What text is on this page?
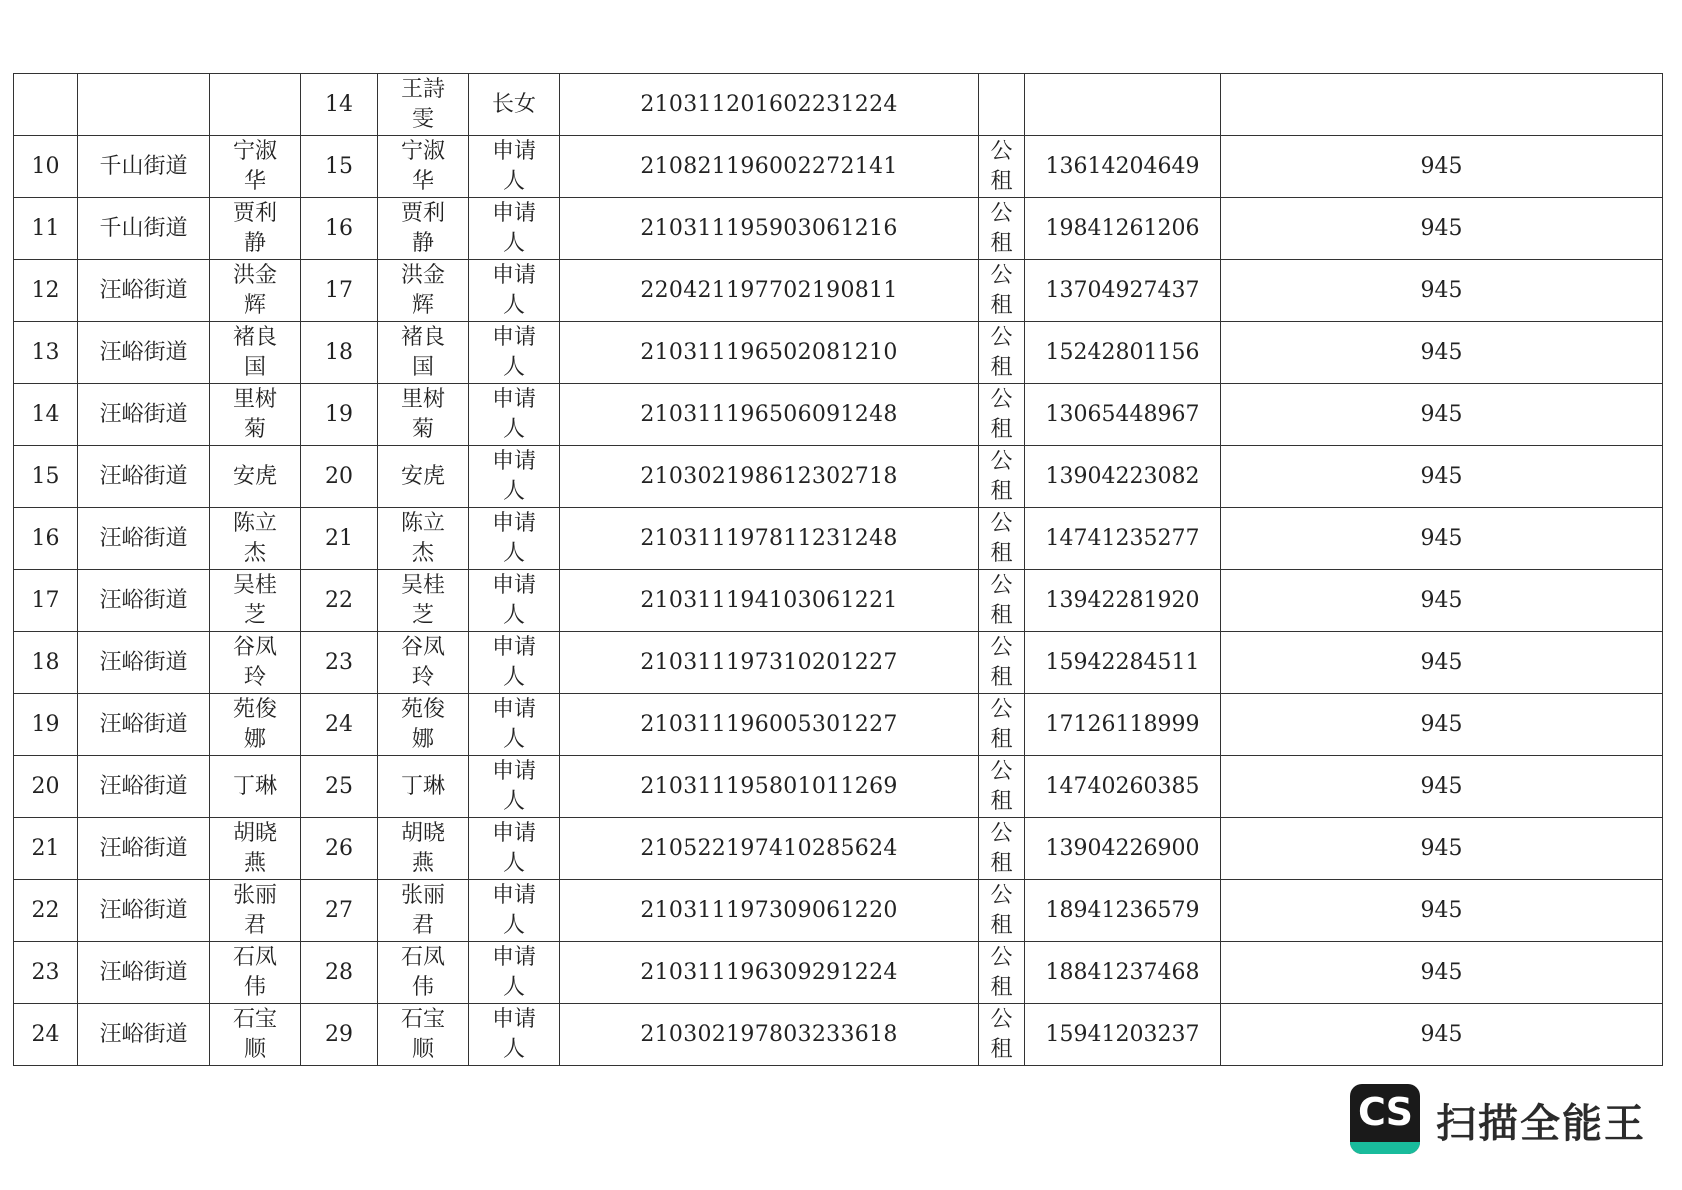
			14	王詩雯	长女	210311201602231224			
10	千山街道	宁淑华	15	宁淑华	申请人	210821196002272141	公租	13614204649	945
11	千山街道	贾利静	16	贾利静	申请人	210311195903061216	公租	19841261206	945
12	汪峪街道	洪金辉	17	洪金辉	申请人	220421197702190811	公租	13704927437	945
13	汪峪街道	褚良国	18	褚良国	申请人	210311196502081210	公租	15242801156	945
14	汪峪街道	里树菊	19	里树菊	申请人	210311196506091248	公租	13065448967	945
15	汪峪街道	安虎	20	安虎	申请人	210302198612302718	公租	13904223082	945
16	汪峪街道	陈立杰	21	陈立杰	申请人	210311197811231248	公租	14741235277	945
17	汪峪街道	吴桂芝	22	吴桂芝	申请人	210311194103061221	公租	13942281920	945
18	汪峪街道	谷凤玲	23	谷凤玲	申请人	210311197310201227	公租	15942284511	945
19	汪峪街道	苑俊娜	24	苑俊娜	申请人	210311196005301227	公租	17126118999	945
20	汪峪街道	丁琳	25	丁琳	申请人	210311195801011269	公租	14740260385	945
21	汪峪街道	胡晓燕	26	胡晓燕	申请人	210522197410285624	公租	13904226900	945
22	汪峪街道	张丽君	27	张丽君	申请人	210311197309061220	公租	18941236579	945
23	汪峪街道	石凤伟	28	石凤伟	申请人	210311196309291224	公租	18841237468	945
24	汪峪街道	石宝顺	29	石宝顺	申请人	210302197803233618	公租	15941203237	945
CS 扫描全能王
